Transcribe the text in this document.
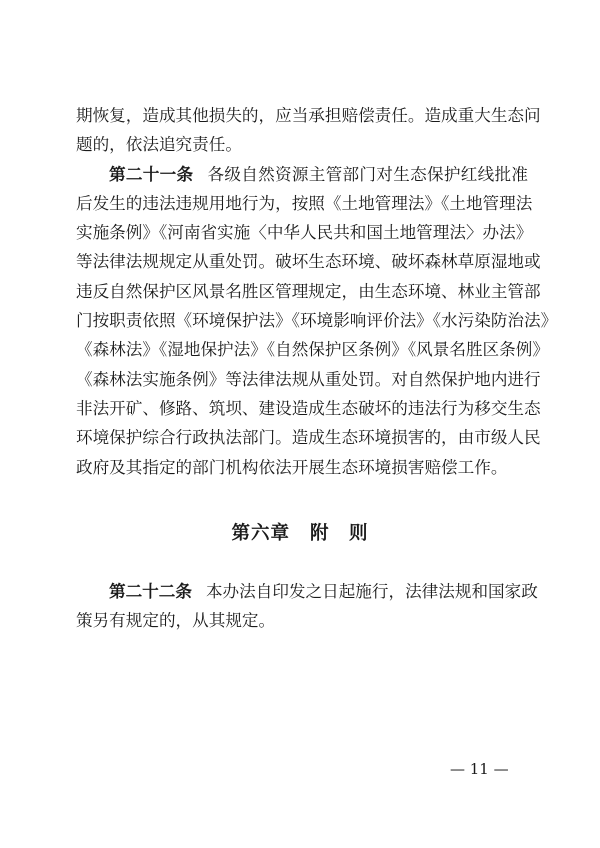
期恢复，造成其他损失的，应当承担赔偿责任。造成重大生态问
题的，依法追究责任。

第二十一条 各级自然资源主管部门对生态保护红线批准
后发生的违法违规用地行为，按照《土地管理法》《土地管理法
实施条例》《河南省实施〈中华人民共和国土地管理法〉办法》
等法律法规规定从重处罚。破坏生态环境、破坏森林草原湿地或
违反自然保护区风景名胜区管理规定，由生态环境、林业主管部
门按职责依照《环境保护法》《环境影响评价法》《水污染防治法》
《森林法》《湿地保护法》《自然保护区条例》《风景名胜区条例》
《森林法实施条例》等法律法规从重处罚。对自然保护地内进行
非法开矿、修路、筑坝、建设造成生态破坏的违法行为移交生态
环境保护综合行政执法部门。造成生态环境损害的，由市级人民
政府及其指定的部门机构依法开展生态环境损害赔偿工作。

第六章 附　则

第二十二条 本办法自印发之日起施行，法律法规和国家政
策另有规定的，从其规定。

— 11 —
